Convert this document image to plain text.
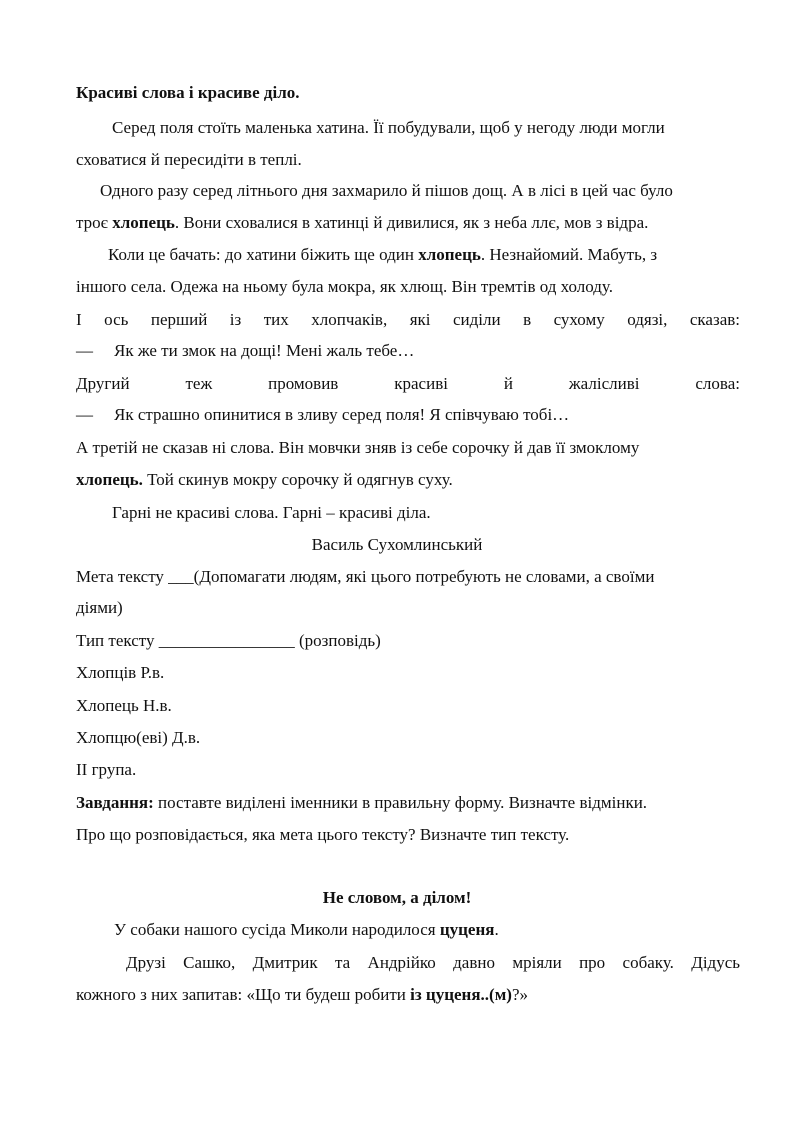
Красиві слова і красиве діло.
Серед поля стоїть маленька хатина. Її побудували, щоб у негоду люди могли
сховатися й пересидіти в теплі.
Одного разу серед літнього дня захмарило й пішов дощ. А в лісі в цей час було
троє хлопець. Вони сховалися в хатинці й дивилися, як з неба ллє, мов з відра.
Коли це бачать: до хатини біжить ще один хлопець. Незнайомий. Мабуть, з
іншого села. Одежа на ньому була мокра, як хлющ. Він тремтів од холоду.
І ось перший із тих хлопчаків, які сиділи в сухому одязі, сказав:
— Як же ти змок на дощі! Мені жаль тебе…
Другий теж промовив красиві й жалісливі слова:
— Як страшно опинитися в зливу серед поля! Я співчуваю тобі…
А третій не сказав ні слова. Він мовчки зняв із себе сорочку й дав її змоклому
хлопець. Той скинув мокру сорочку й одягнув суху.
Гарні не красиві слова. Гарні – красиві діла.
Василь Сухомлинський
Мета тексту ___(Допомагати людям, які цього потребують не словами, а своїми
діями)
Тип тексту ________________ (розповідь)
Хлопців Р.в.
Хлопець Н.в.
Хлопцю(еві) Д.в.
ІІ група.
Завдання: поставте виділені іменники в правильну форму. Визначте відмінки.
Про що розповідається, яка мета цього тексту? Визначте тип тексту.
Не словом, а ділом!
У собаки нашого сусіда Миколи народилося цуценя.
Друзі Сашко, Дмитрик та Андрійко давно мріяли про собаку. Дідусь
кожного з них запитав: «Що ти будеш робити із цуценя..(м)?»
